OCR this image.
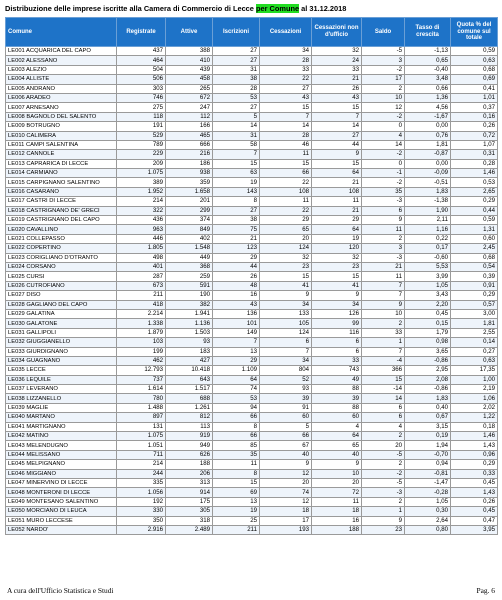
Distribuzione delle imprese iscritte alla Camera di Commercio di Lecce per Comune al 31.12.2018
Comune	Registrate	Attive	Iscrizioni	Cessazioni	Cessazioni non d'ufficio	Saldo	Tasso di crescita	Quota % del comune sul totale
LE001 ACQUARICA DEL CAPO	437	388	27	34	32	-5	-1,13	0,59
LE002 ALESSANO	464	410	27	28	24	3	0,65	0,63
LE003 ALEZIO	504	439	31	33	33	-2	-0,40	0,68
LE004 ALLISTE	506	458	38	22	21	17	3,48	0,69
LE005 ANDRANO	303	265	28	27	26	2	0,66	0,41
LE006 ARADEO	746	672	53	43	43	10	1,36	1,01
LE007 ARNESANO	275	247	27	15	15	12	4,56	0,37
LE008 BAGNOLO DEL SALENTO	118	112	5	7	7	-2	-1,67	0,16
LE009 BOTRUGNO	191	166	14	14	14	0	0,00	0,26
LE010 CALIMERA	529	465	31	28	27	4	0,76	0,72
LE011 CAMPI SALENTINA	789	666	58	46	44	14	1,81	1,07
LE012 CANNOLE	229	216	7	11	9	-2	-0,87	0,31
LE013 CAPRARICA DI LECCE	209	186	15	15	15	0	0,00	0,28
LE014 CARMIANO	1.075	938	63	66	64	-1	-0,09	1,46
LE015 CARPIGNANO SALENTINO	389	359	19	22	21	-2	-0,51	0,53
LE016 CASARANO	1.952	1.658	143	108	108	35	1,83	2,65
LE017 CASTRI DI LECCE	214	201	8	11	11	-3	-1,38	0,29
LE018 CASTRIGNANO DE' GRECI	322	299	27	22	21	6	1,90	0,44
LE019 CASTRIGNANO DEL CAPO	436	374	38	29	29	9	2,11	0,59
LE020 CAVALLINO	963	849	75	65	64	11	1,16	1,31
LE021 COLLEPASSO	446	402	21	20	19	2	0,22	0,60
LE022 COPERTINO	1.805	1.548	123	124	120	3	0,17	2,45
LE023 CORIGLIANO D'OTRANTO	498	449	29	32	32	-3	-0,60	0,68
LE024 CORSANO	401	368	44	23	23	21	5,53	0,54
LE025 CURSI	287	259	26	15	15	11	3,99	0,39
LE026 CUTROFIANO	673	591	48	41	41	7	1,05	0,91
LE027 DISO	211	190	16	9	9	7	3,43	0,29
LE028 GAGLIANO DEL CAPO	418	382	43	34	34	9	2,20	0,57
LE029 GALATINA	2.214	1.941	136	133	126	10	0,45	3,00
LE030 GALATONE	1.338	1.136	101	105	99	2	0,15	1,81
LE031 GALLIPOLI	1.879	1.503	149	124	116	33	1,79	2,55
LE032 GIUGGIANELLO	103	93	7	6	6	1	0,98	0,14
LE033 GIURDIGNANO	199	183	13	7	6	7	3,65	0,27
LE034 GUAGNANO	462	427	29	34	33	-4	-0,86	0,63
LE035 LECCE	12.793	10.418	1.109	804	743	366	2,95	17,35
LE036 LEQUILE	737	643	64	52	49	15	2,08	1,00
LE037 LEVERANO	1.614	1.517	74	93	88	-14	-0,86	2,19
LE038 LIZZANELLO	780	688	53	39	39	14	1,83	1,06
LE039 MAGLIE	1.488	1.261	94	91	88	6	0,40	2,02
LE040 MARTANO	897	812	66	60	60	6	0,67	1,22
LE041 MARTIGNANO	131	113	8	5	4	4	3,15	0,18
LE042 MATINO	1.075	919	66	66	64	2	0,19	1,46
LE043 MELENDUGNO	1.051	949	85	67	65	20	1,94	1,43
LE044 MELISSANO	711	626	35	40	40	-5	-0,70	0,96
LE045 MELPIGNANO	214	188	11	9	9	2	0,94	0,29
LE046 MIGGIANO	244	206	8	12	10	-2	-0,81	0,33
LE047 MINERVINO DI LECCE	335	313	15	20	20	-5	-1,47	0,45
LE048 MONTERONI DI LECCE	1.056	914	69	74	72	-3	-0,28	1,43
LE049 MONTESANO SALENTINO	192	175	13	12	11	2	1,05	0,26
LE050 MORCIANO DI LEUCA	330	305	19	18	18	1	0,30	0,45
LE051 MURO LECCESE	350	318	25	17	16	9	2,64	0,47
LE052 NARDO'	2.916	2.489	211	193	188	23	0,80	3,95
A cura dell'Ufficio Statistica e Studi	Pag. 6
